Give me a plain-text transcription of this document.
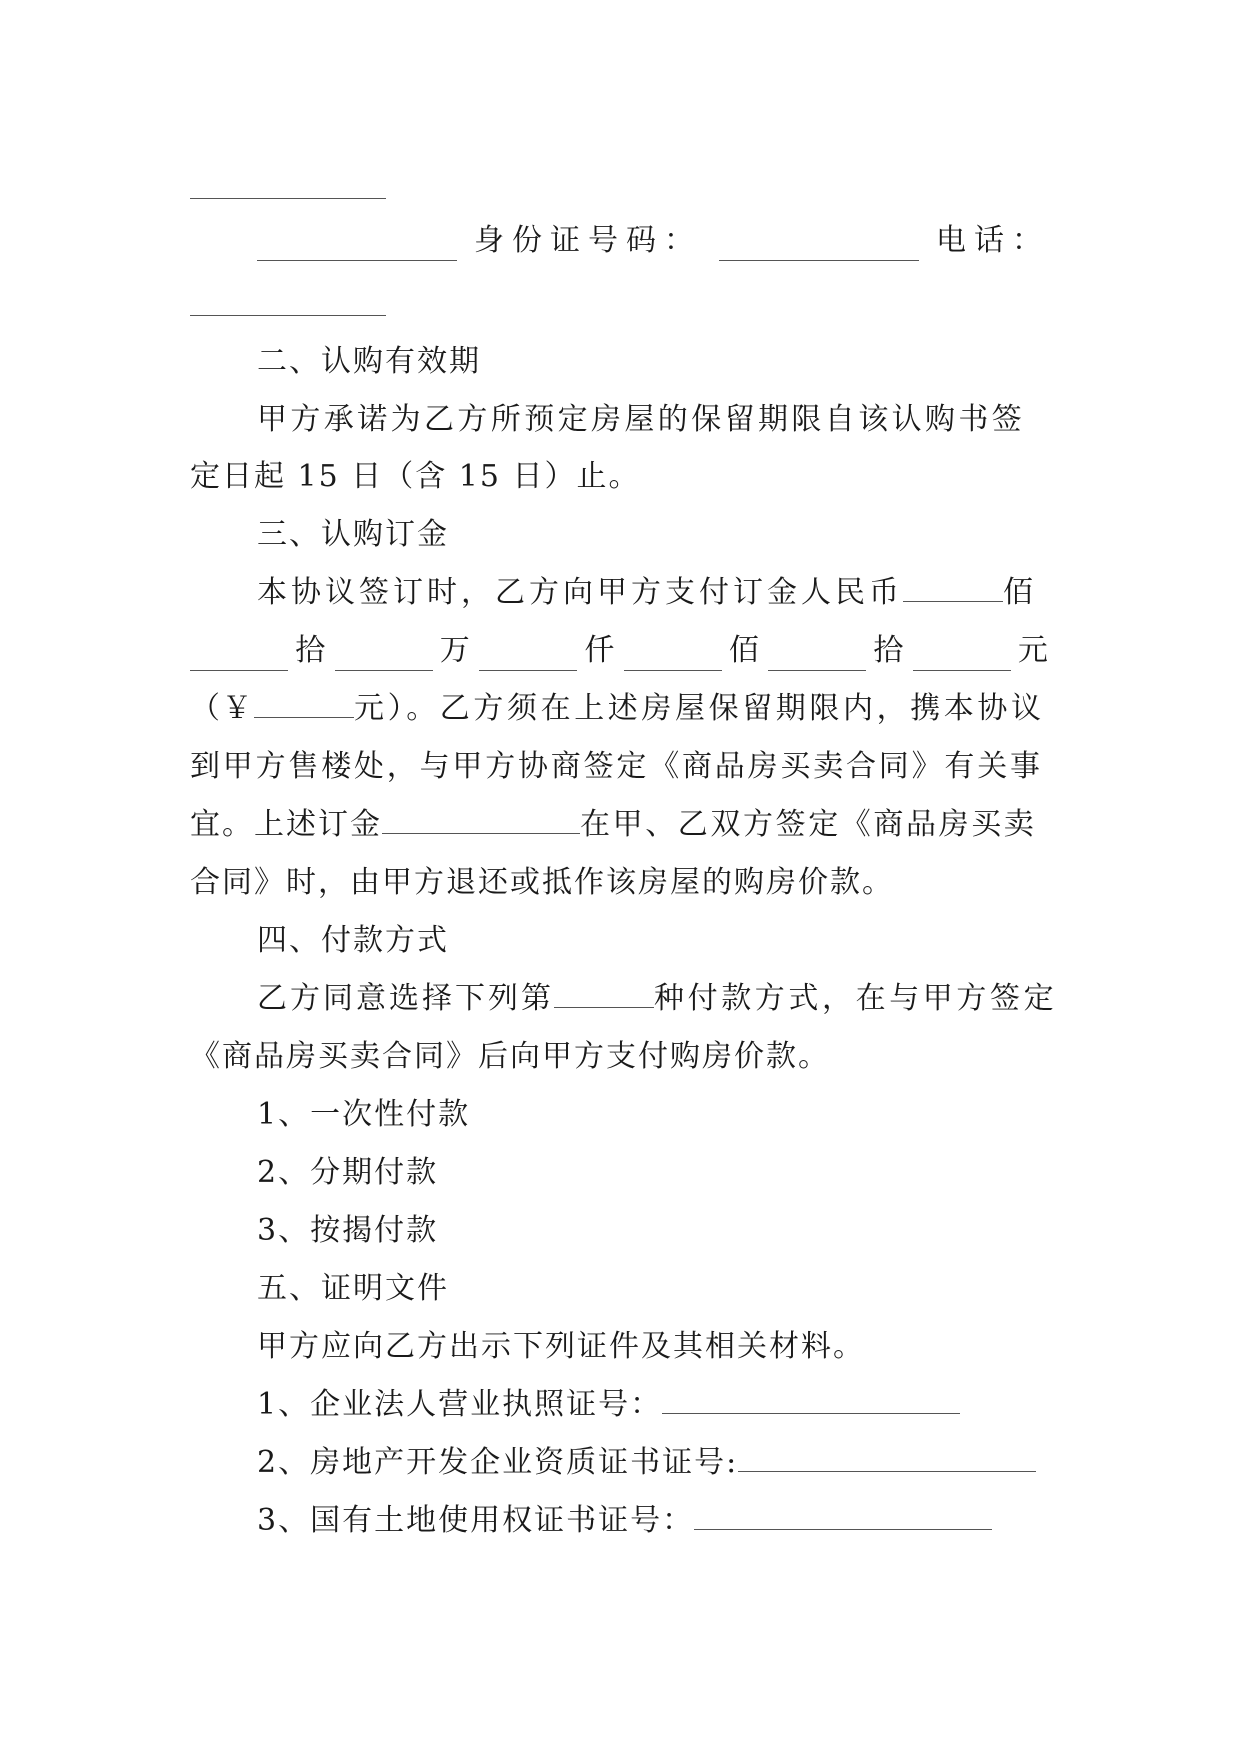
身份证号码：	电话：
二、认购有效期
甲方承诺为乙方所预定房屋的保留期限自该认购书签
定日起 15 日（含 15 日）止。
三、认购订金
本协议签订时，乙方向甲方支付订金人民币	佰
拾	万	仟	佰	拾	元
（￥	元）。乙方须在上述房屋保留期限内，携本协议
到甲方售楼处，与甲方协商签定《商品房买卖合同》有关事
宜。上述订金	在甲、乙双方签定《商品房买卖
合同》时，由甲方退还或抵作该房屋的购房价款。
四、付款方式
乙方同意选择下列第	种付款方式，在与甲方签定
《商品房买卖合同》后向甲方支付购房价款。
1、一次性付款
2、分期付款
3、按揭付款
五、证明文件
甲方应向乙方出示下列证件及其相关材料。
1、企业法人营业执照证号：
2、房地产开发企业资质证书证号:
3、国有土地使用权证书证号：
